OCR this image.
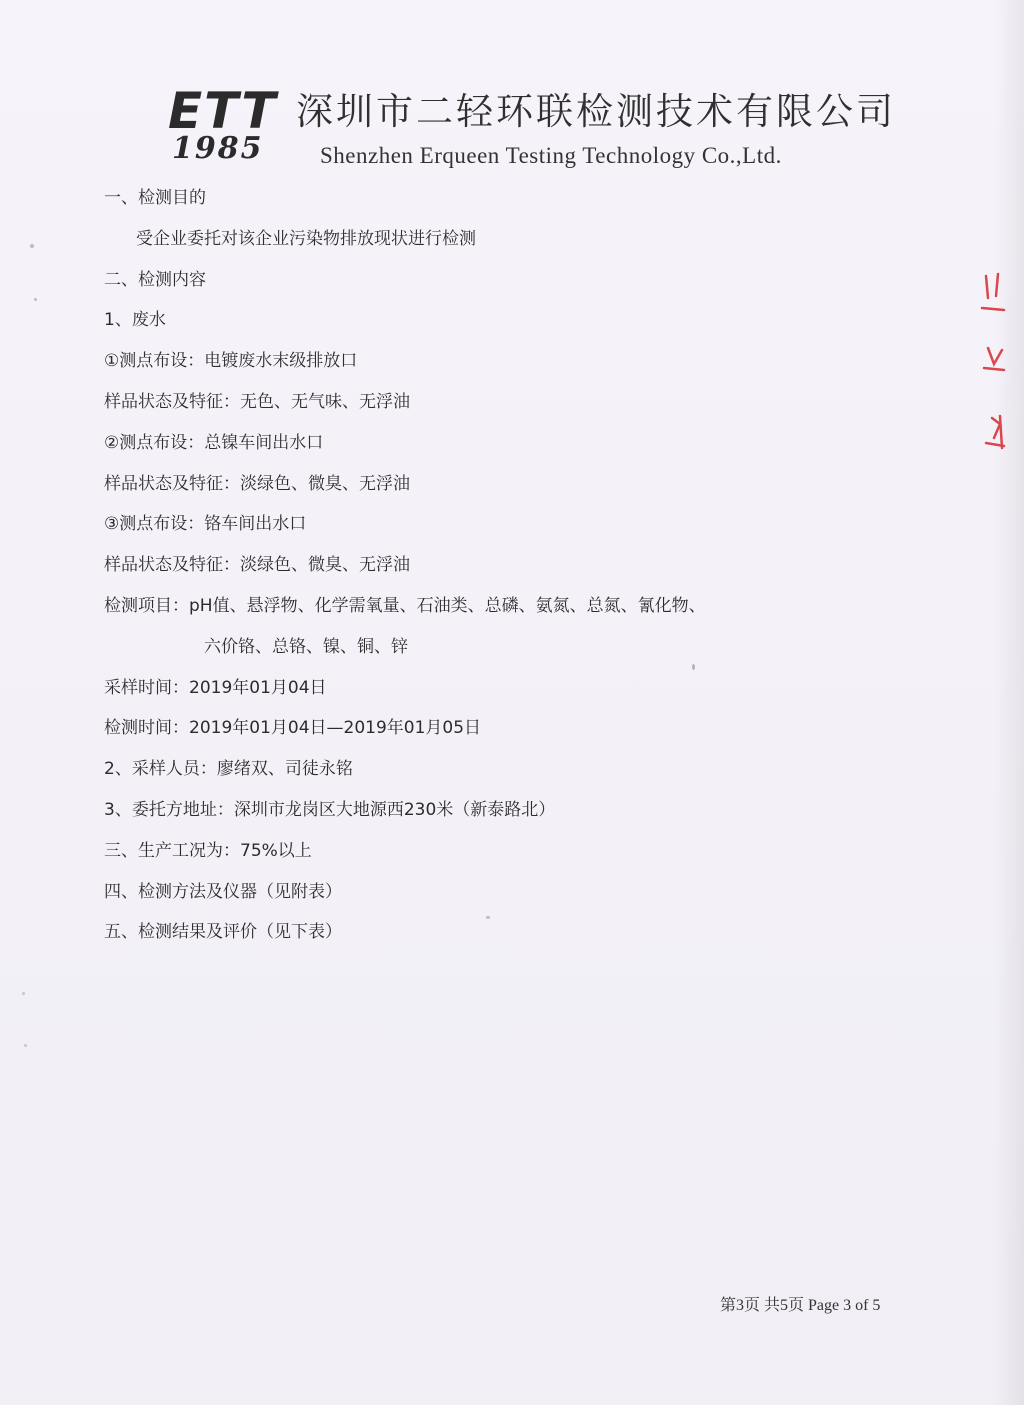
ETT
1985
深圳市二轻环联检测技术有限公司
Shenzhen Erqueen Testing Technology Co.,Ltd.
一、检测目的
受企业委托对该企业污染物排放现状进行检测
二、检测内容
1、废水
①测点布设：电镀废水末级排放口
样品状态及特征：无色、无气味、无浮油
②测点布设：总镍车间出水口
样品状态及特征：淡绿色、微臭、无浮油
③测点布设：铬车间出水口
样品状态及特征：淡绿色、微臭、无浮油
检测项目：pH值、悬浮物、化学需氧量、石油类、总磷、氨氮、总氮、氰化物、
六价铬、总铬、镍、铜、锌
采样时间：2019年01月04日
检测时间：2019年01月04日—2019年01月05日
2、采样人员：廖绪双、司徒永铭
3、委托方地址：深圳市龙岗区大地源西230米（新泰路北）
三、生产工况为：75%以上
四、检测方法及仪器（见附表）
五、检测结果及评价（见下表）
第3页 共5页 Page 3 of 5
